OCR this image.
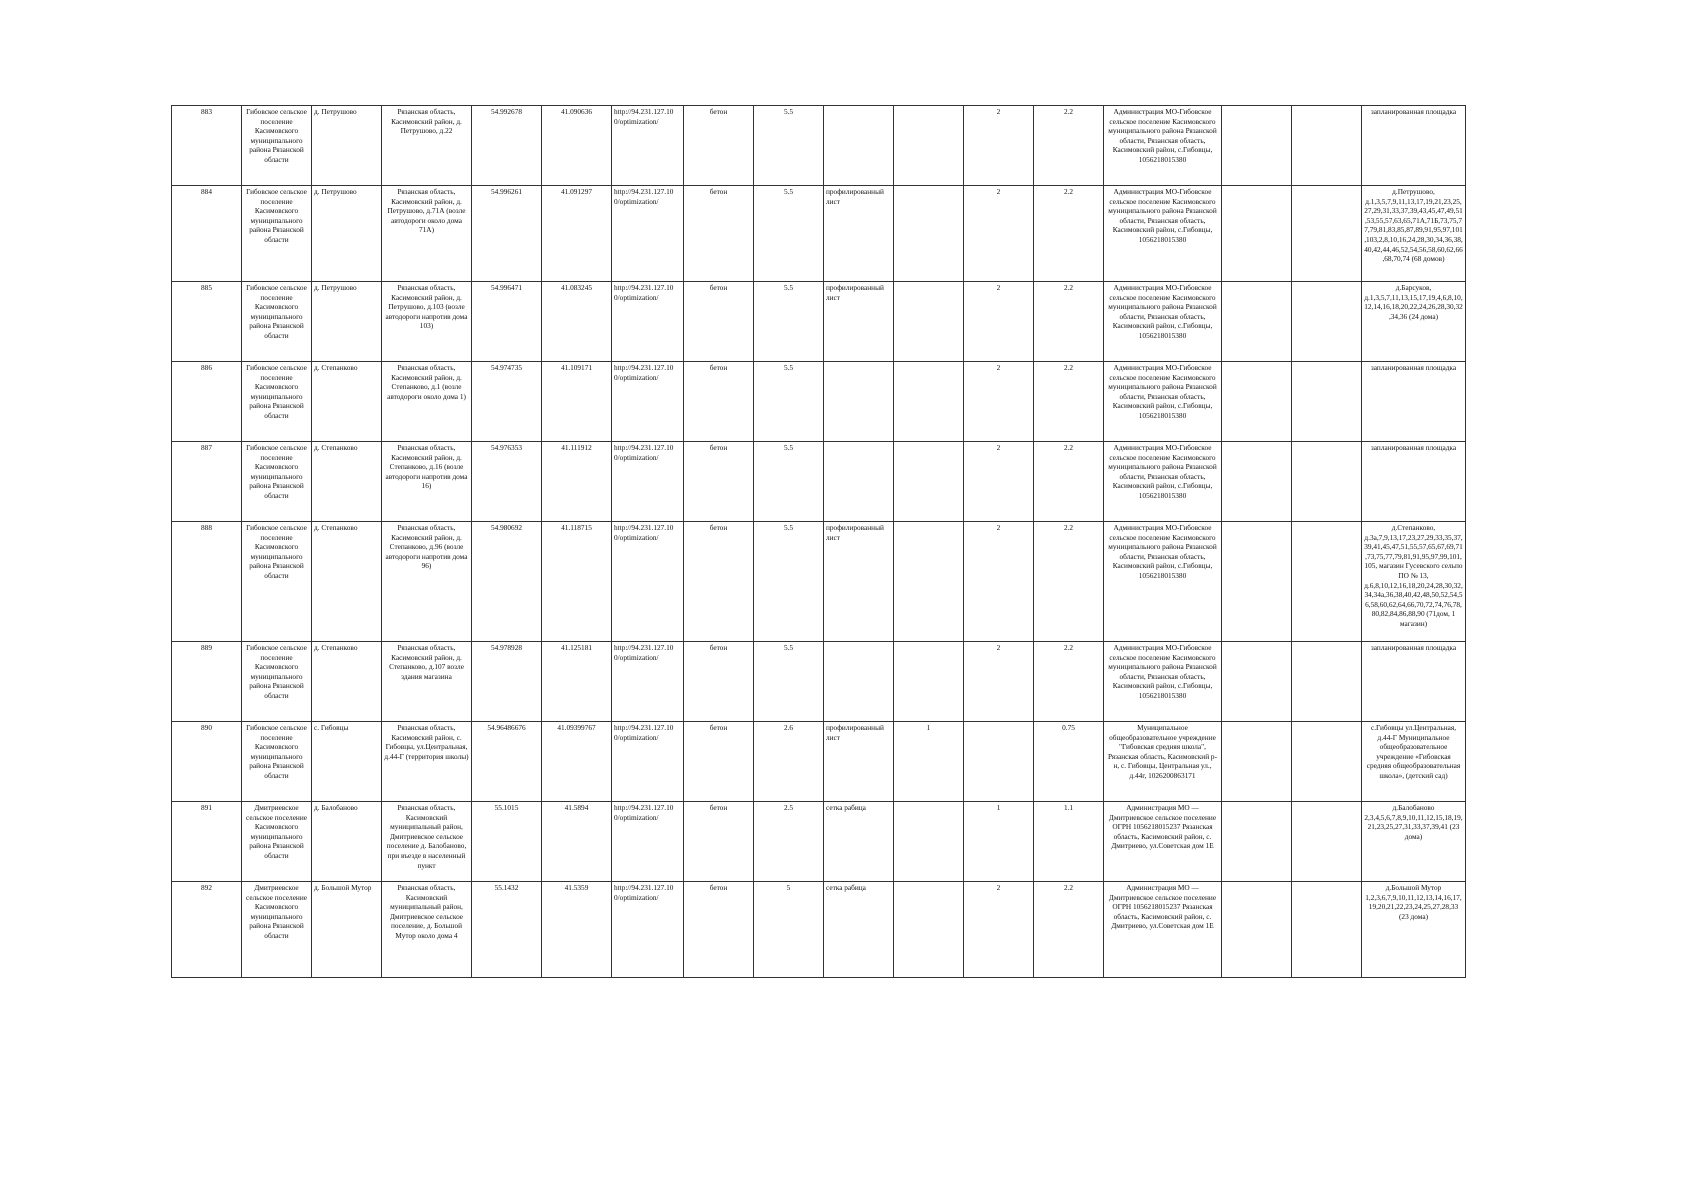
883	Гибовское сельское поселение Касимовского муниципального района Рязанской области	д. Петрушово	Рязанская область, Касимовский район, д. Петрушово, д.22	54.992678	41.090636	http://94.231.127.10 0/optimization/	бетон	5.5			2	2.2	Администрация МО-Гибовское сельское поселение Касимовского муниципального района Рязанской области, Рязанская область, Касимовский район, с.Гибовцы, 1056218015380			запланированная площадка
884	Гибовское сельское поселение Касимовского муниципального района Рязанской области	д. Петрушово	Рязанская область, Касимовский район, д. Петрушово, д.71А (возле автодороги около дома 71А)	54.996261	41.091297	http://94.231.127.10 0/optimization/	бетон	5.5	профилированный лист		2	2.2	Администрация МО-Гибовское сельское поселение Касимовского муниципального района Рязанской области, Рязанская область, Касимовский район, с.Гибовцы, 1056218015380			д.Петрушово, д.1,3,5,7,9,11,13,17,19,21,23,25,27,29,31,33,37,39,43,45,47,49,51,53,55,57,63,65,71А,71Б,73,75,77,79,81,83,85,87,89,91,95,97,101,103,2,8,10,16,24,28,30,34,36,38,40,42,44,46,52,54,56,58,60,62,66,68,70,74 (68 домов)
885	Гибовское сельское поселение Касимовского муниципального района Рязанской области	д. Петрушово	Рязанская область, Касимовский район, д. Петрушово, д.103 (возле автодороги напротив дома 103)	54.996471	41.083245	http://94.231.127.10 0/optimization/	бетон	5.5	профилированный лист		2	2.2	Администрация МО-Гибовское сельское поселение Касимовского муниципального района Рязанской области, Рязанская область, Касимовский район, с.Гибовцы, 1056218015380			д.Барсуков, д.1,3,5,7,11,13,15,17,19,4,6,8,10,12,14,16,18,20,22,24,26,28,30,32,34,36 (24 дома)
886	Гибовское сельское поселение Касимовского муниципального района Рязанской области	д. Степанково	Рязанская область, Касимовский район, д. Степанково, д.1 (возле автодороги около дома 1)	54.974735	41.109171	http://94.231.127.10 0/optimization/	бетон	5.5			2	2.2	Администрация МО-Гибовское сельское поселение Касимовского муниципального района Рязанской области, Рязанская область, Касимовский район, с.Гибовцы, 1056218015380			запланированная площадка
887	Гибовское сельское поселение Касимовского муниципального района Рязанской области	д. Степанково	Рязанская область, Касимовский район, д. Степанково, д.16 (возле автодороги напротив дома 16)	54.976353	41.111912	http://94.231.127.10 0/optimization/	бетон	5.5			2	2.2	Администрация МО-Гибовское сельское поселение Касимовского муниципального района Рязанской области, Рязанская область, Касимовский район, с.Гибовцы, 1056218015380			запланированная площадка
888	Гибовское сельское поселение Касимовского муниципального района Рязанской области	д. Степанково	Рязанская область, Касимовский район, д. Степанково, д.96 (возле автодороги напротив дома 96)	54.980692	41.118715	http://94.231.127.10 0/optimization/	бетон	5.5	профилированный лист		2	2.2	Администрация МО-Гибовское сельское поселение Касимовского муниципального района Рязанской области, Рязанская область, Касимовский район, с.Гибовцы, 1056218015380			д.Степанково, д.3а,7,9,13,17,23,27,29,33,35,37,39,41,45,47,51,55,57,65,67,69,71,73,75,77,79,81,91,95,97,99,101,105, магазин Гусевского сельпо ПО № 13, д.6,8,10,12,16,18,20,24,28,30,32,34,34а,36,38,40,42,48,50,52,54,56,58,60,62,64,66,70,72,74,76,78,80,82,84,86,88,90 (71дом, 1 магазин)
889	Гибовское сельское поселение Касимовского муниципального района Рязанской области	д. Степанково	Рязанская область, Касимовский район, д. Степанково, д.107 возле здания магазина	54.978928	41.125181	http://94.231.127.10 0/optimization/	бетон	5.5			2	2.2	Администрация МО-Гибовское сельское поселение Касимовского муниципального района Рязанской области, Рязанская область, Касимовский район, с.Гибовцы, 1056218015380			запланированная площадка
890	Гибовское сельское поселение Касимовского муниципального района Рязанской области	с. Гибовцы	Рязанская область, Касимовский район, с. Гибовцы, ул.Центральная, д.44-Г (территория школы)	54.96486676	41.09399767	http://94.231.127.10 0/optimization/	бетон	2.6	профилированный лист	1		0.75	Муниципальное общеобразовательное учреждение "Гибовская средняя школа", Рязанская область, Касимовский р-н, с. Гибовцы, Центральная ул., д.44г, 1026200863171			с.Гибовцы ул.Центральная, д.44-Г Муниципальное общеобразовательное учреждение «Гибовская средняя общеобразовательная школа», (детский сад)
891	Дмитриевское сельское поселение Касимовского муниципального района Рязанской области	д. Балобаново	Рязанская область, Касимовский муниципальный район, Дмитриевское сельское поселение д. Балобаново, при въезде в населенный пункт	55.1015	41.5894	http://94.231.127.10 0/optimization/	бетон	2.5	сетка рабица		1	1.1	Администрация МО — Дмитриевское сельское поселение ОГРН 1056218015237 Рязанская область, Касимовский район, с. Дмитриево, ул.Советская дом 1Е			д.Балобаново 2,3,4,5,6,7,8,9,10,11,12,15,18,19,21,23,25,27,31,33,37,39,41 (23 дома)
892	Дмитриевское сельское поселение Касимовского муниципального района Рязанской области	д. Большой Мутор	Рязанская область, Касимовский муниципальный район, Дмитриевское сельское поселение, д. Большой Мутор около дома 4	55.1432	41.5359	http://94.231.127.10 0/optimization/	бетон	5	сетка рабица		2	2.2	Администрация МО — Дмитриевское сельское поселение ОГРН 1056218015237 Рязанская область, Касимовский район, с. Дмитриево, ул.Советская дом 1Е			д.Большой Мутор 1,2,3,6,7,9,10,11,12,13,14,16,17,19,20,21,22,23,24,25,27,28,33 (23 дома)
